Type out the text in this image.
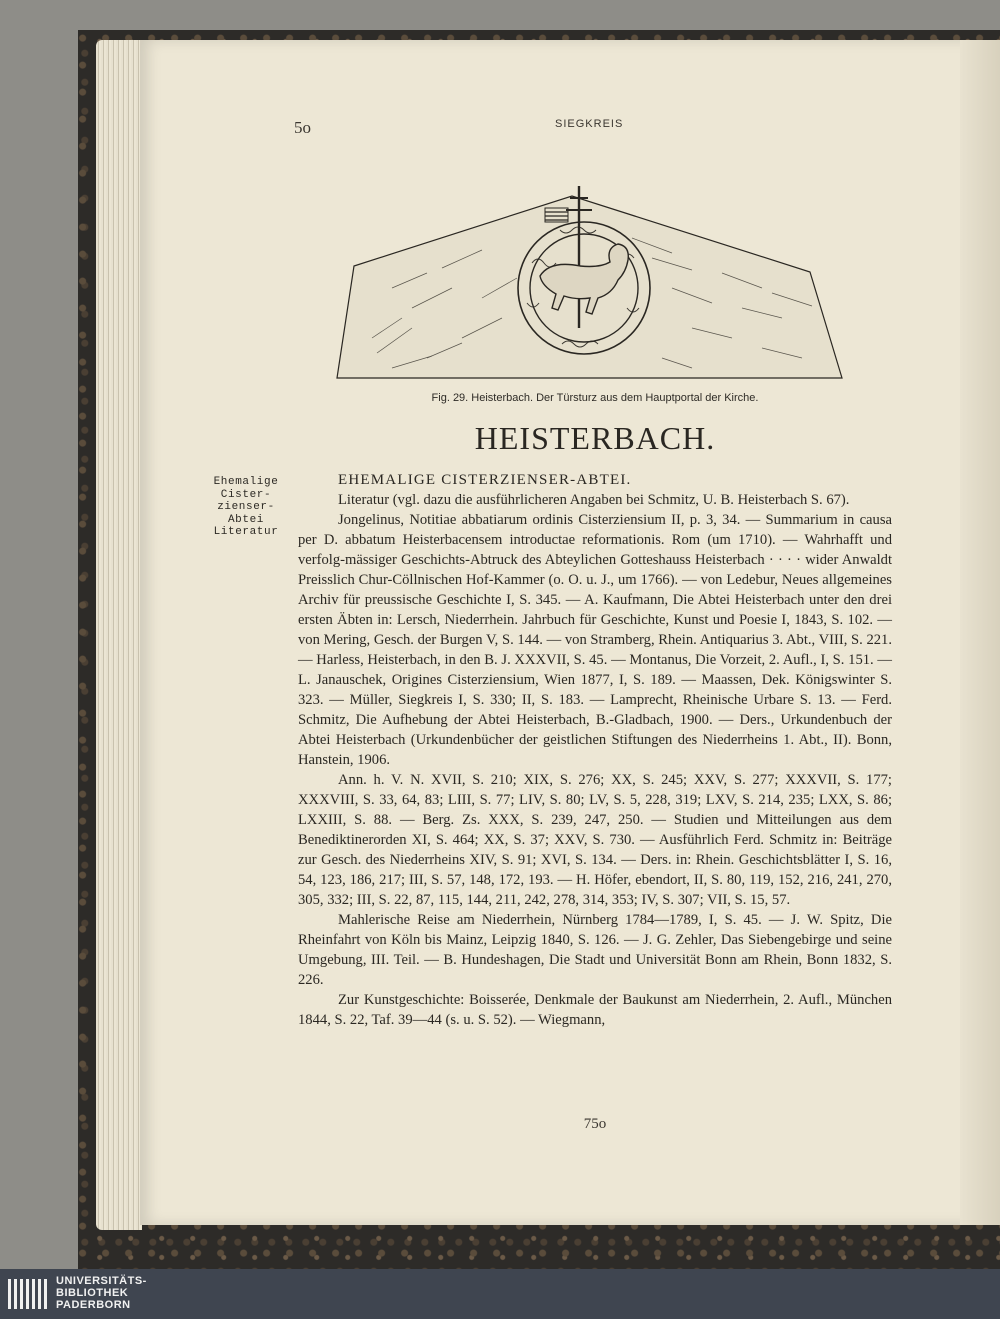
5o	SIEGKREIS
Fig. 29. Heisterbach. Der Türsturz aus dem Hauptportal der Kirche.
HEISTERBACH.
Ehemalige
Cister-
zienser-
Abtei
Literatur
EHEMALIGE CISTERZIENSER-ABTEI.

Literatur (vgl. dazu die ausführlicheren Angaben bei Schmitz, U. B. Heisterbach S. 67).

Jongelinus, Notitiae abbatiarum ordinis Cisterziensium II, p. 3, 34. — Summarium in causa per D. abbatum Heisterbacensem introductae reformationis. Rom (um 1710). — Wahrhafft und verfolg-mässiger Geschichts-Abtruck des Abteylichen Gotteshauss Heisterbach · · · · wider Anwaldt Preisslich Chur-Cöllnischen Hof-Kammer (o. O. u. J., um 1766). — von Ledebur, Neues allgemeines Archiv für preussische Geschichte I, S. 345. — A. Kaufmann, Die Abtei Heisterbach unter den drei ersten Äbten in: Lersch, Niederrhein. Jahrbuch für Geschichte, Kunst und Poesie I, 1843, S. 102. — von Mering, Gesch. der Burgen V, S. 144. — von Stramberg, Rhein. Antiquarius 3. Abt., VIII, S. 221. — Harless, Heisterbach, in den B. J. XXXVII, S. 45. — Montanus, Die Vorzeit, 2. Aufl., I, S. 151. — L. Janauschek, Origines Cisterziensium, Wien 1877, I, S. 189. — Maassen, Dek. Königswinter S. 323. — Müller, Siegkreis I, S. 330; II, S. 183. — Lamprecht, Rheinische Urbare S. 13. — Ferd. Schmitz, Die Aufhebung der Abtei Heisterbach, B.-Gladbach, 1900. — Ders., Urkundenbuch der Abtei Heisterbach (Urkundenbücher der geistlichen Stiftungen des Niederrheins 1. Abt., II). Bonn, Hanstein, 1906.

Ann. h. V. N. XVII, S. 210; XIX, S. 276; XX, S. 245; XXV, S. 277; XXXVII, S. 177; XXXVIII, S. 33, 64, 83; LIII, S. 77; LIV, S. 80; LV, S. 5, 228, 319; LXV, S. 214, 235; LXX, S. 86; LXXIII, S. 88. — Berg. Zs. XXX, S. 239, 247, 250. — Studien und Mitteilungen aus dem Benediktinerorden XI, S. 464; XX, S. 37; XXV, S. 730. — Ausführlich Ferd. Schmitz in: Beiträge zur Gesch. des Niederrheins XIV, S. 91; XVI, S. 134. — Ders. in: Rhein. Geschichtsblätter I, S. 16, 54, 123, 186, 217; III, S. 57, 148, 172, 193. — H. Höfer, ebendort, II, S. 80, 119, 152, 216, 241, 270, 305, 332; III, S. 22, 87, 115, 144, 211, 242, 278, 314, 353; IV, S. 307; VII, S. 15, 57.

Mahlerische Reise am Niederrhein, Nürnberg 1784—1789, I, S. 45. — J. W. Spitz, Die Rheinfahrt von Köln bis Mainz, Leipzig 1840, S. 126. — J. G. Zehler, Das Siebengebirge und seine Umgebung, III. Teil. — B. Hundeshagen, Die Stadt und Universität Bonn am Rhein, Bonn 1832, S. 226.

Zur Kunstgeschichte: Boisserée, Denkmale der Baukunst am Niederrhein, 2. Aufl., München 1844, S. 22, Taf. 39—44 (s. u. S. 52). — Wiegmann,

75o
UNIVERSITÄTS-
BIBLIOTHEK
PADERBORN
